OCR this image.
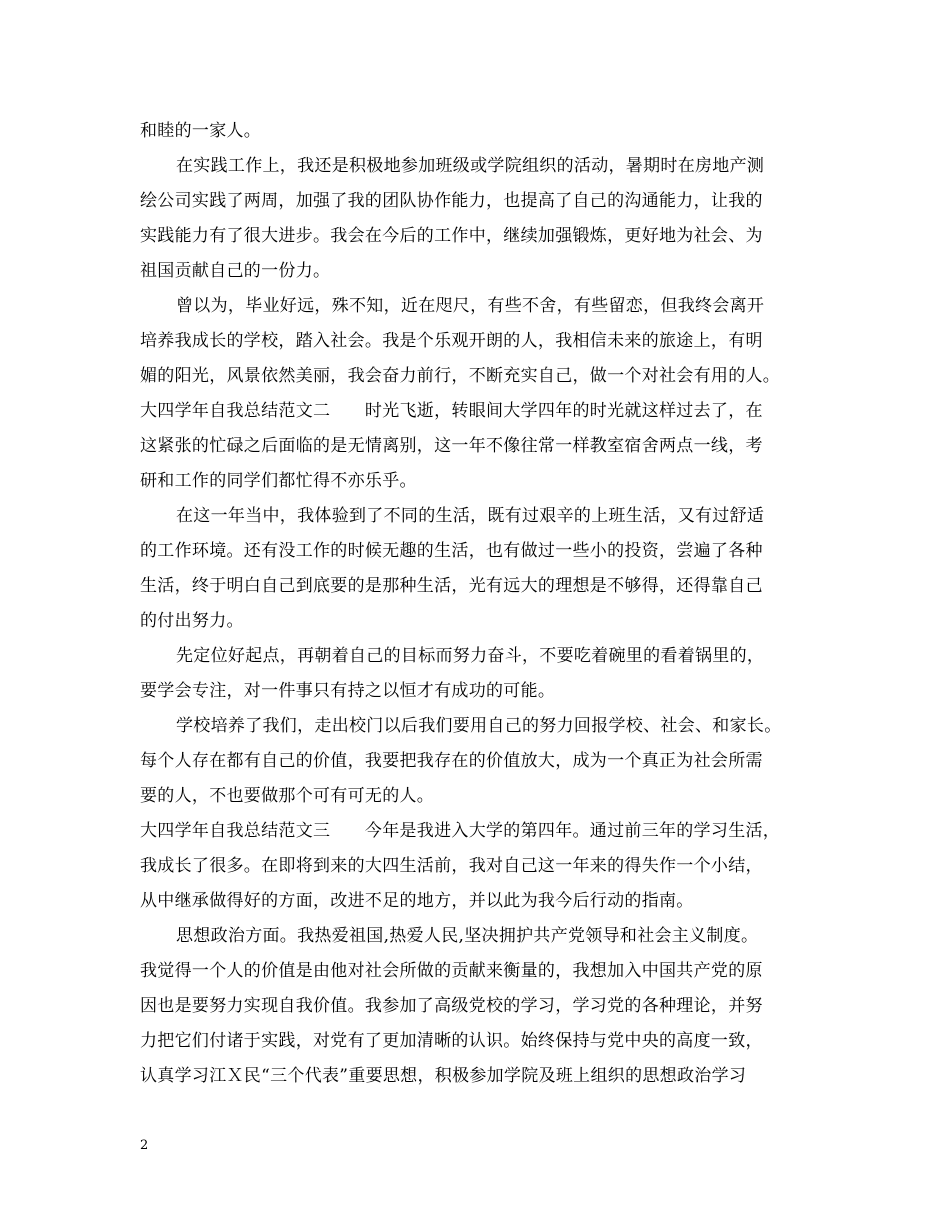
和睦的一家人。
在实践工作上，我还是积极地参加班级或学院组织的活动，暑期时在房地产测
绘公司实践了两周，加强了我的团队协作能力，也提高了自己的沟通能力，让我的
实践能力有了很大进步。我会在今后的工作中，继续加强锻炼，更好地为社会、为
祖国贡献自己的一份力。
曾以为，毕业好远，殊不知，近在咫尺，有些不舍，有些留恋，但我终会离开
培养我成长的学校，踏入社会。我是个乐观开朗的人，我相信未来的旅途上，有明
媚的阳光，风景依然美丽，我会奋力前行，不断充实自己，做一个对社会有用的人。
大四学年自我总结范文二　　时光飞逝，转眼间大学四年的时光就这样过去了，在
这紧张的忙碌之后面临的是无情离别，这一年不像往常一样教室宿舍两点一线，考
研和工作的同学们都忙得不亦乐乎。
在这一年当中，我体验到了不同的生活，既有过艰辛的上班生活，又有过舒适
的工作环境。还有没工作的时候无趣的生活，也有做过一些小的投资，尝遍了各种
生活，终于明白自己到底要的是那种生活，光有远大的理想是不够得，还得靠自己
的付出努力。
先定位好起点，再朝着自己的目标而努力奋斗，不要吃着碗里的看着锅里的，
要学会专注，对一件事只有持之以恒才有成功的可能。
学校培养了我们，走出校门以后我们要用自己的努力回报学校、社会、和家长。
每个人存在都有自己的价值，我要把我存在的价值放大，成为一个真正为社会所需
要的人，不也要做那个可有可无的人。
大四学年自我总结范文三　　今年是我进入大学的第四年。通过前三年的学习生活，
我成长了很多。在即将到来的大四生活前，我对自己这一年来的得失作一个小结，
从中继承做得好的方面，改进不足的地方，并以此为我今后行动的指南。
思想政治方面。我热爱祖国,热爱人民,坚决拥护共产党领导和社会主义制度。
我觉得一个人的价值是由他对社会所做的贡献来衡量的，我想加入中国共产党的原
因也是要努力实现自我价值。我参加了高级党校的学习，学习党的各种理论，并努
力把它们付诸于实践，对党有了更加清晰的认识。始终保持与党中央的高度一致，
认真学习江Ｘ民“三个代表”重要思想，积极参加学院及班上组织的思想政治学习
2
